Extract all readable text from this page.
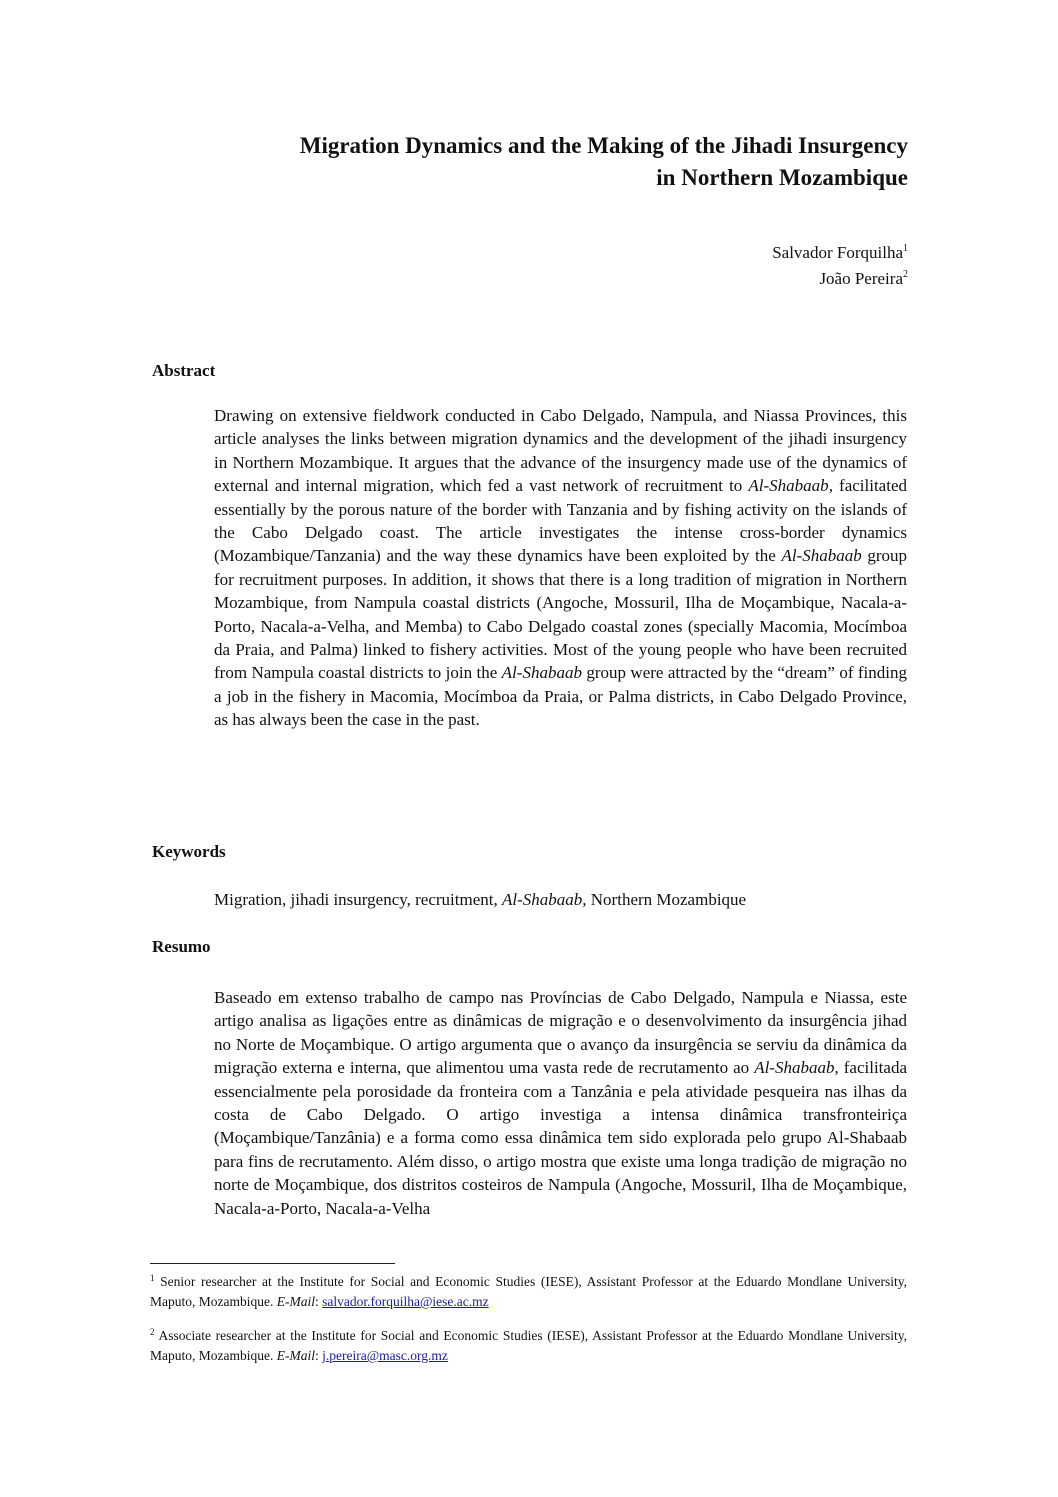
Migration Dynamics and the Making of the Jihadi Insurgency
in Northern Mozambique
Salvador Forquilha$^1$
João Pereira$^2$
Abstract
Drawing on extensive fieldwork conducted in Cabo Delgado, Nampula, and Niassa Provinces, this article analyses the links between migration dynamics and the development of the jihadi insurgency in Northern Mozambique. It argues that the advance of the insurgency made use of the dynamics of external and internal migration, which fed a vast network of recruitment to Al-Shabaab, facilitated essentially by the porous nature of the border with Tanzania and by fishing activity on the islands of the Cabo Delgado coast. The article investigates the intense cross-border dynamics (Mozambique/Tanzania) and the way these dynamics have been exploited by the Al-Shabaab group for recruitment purposes. In addition, it shows that there is a long tradition of migration in Northern Mozambique, from Nampula coastal districts (Angoche, Mossuril, Ilha de Moçambique, Nacala-a-Porto, Nacala-a-Velha, and Memba) to Cabo Delgado coastal zones (specially Macomia, Mocímboa da Praia, and Palma) linked to fishery activities. Most of the young people who have been recruited from Nampula coastal districts to join the Al-Shabaab group were attracted by the “dream” of finding a job in the fishery in Macomia, Mocímboa da Praia, or Palma districts, in Cabo Delgado Province, as has always been the case in the past.
Keywords
Migration, jihadi insurgency, recruitment, Al-Shabaab, Northern Mozambique
Resumo
Baseado em extenso trabalho de campo nas Províncias de Cabo Delgado, Nampula e Niassa, este artigo analisa as ligações entre as dinâmicas de migração e o desenvolvimento da insurgência jihad no Norte de Moçambique. O artigo argumenta que o avanço da insurgência se serviu da dinâmica da migração externa e interna, que alimentou uma vasta rede de recrutamento ao Al-Shabaab, facilitada essencialmente pela porosidade da fronteira com a Tanzânia e pela atividade pesqueira nas ilhas da costa de Cabo Delgado. O artigo investiga a intensa dinâmica transfronteiriça (Moçambique/Tanzânia) e a forma como essa dinâmica tem sido explorada pelo grupo Al-Shabaab para fins de recrutamento. Além disso, o artigo mostra que existe uma longa tradição de migração no norte de Moçambique, dos distritos costeiros de Nampula (Angoche, Mossuril, Ilha de Moçambique, Nacala-a-Porto, Nacala-a-Velha
$^1$ Senior researcher at the Institute for Social and Economic Studies (IESE), Assistant Professor at the Eduardo Mondlane University, Maputo, Mozambique. E-Mail: salvador.forquilha@iese.ac.mz
$^2$ Associate researcher at the Institute for Social and Economic Studies (IESE), Assistant Professor at the Eduardo Mondlane University, Maputo, Mozambique. E-Mail: j.pereira@masc.org.mz
